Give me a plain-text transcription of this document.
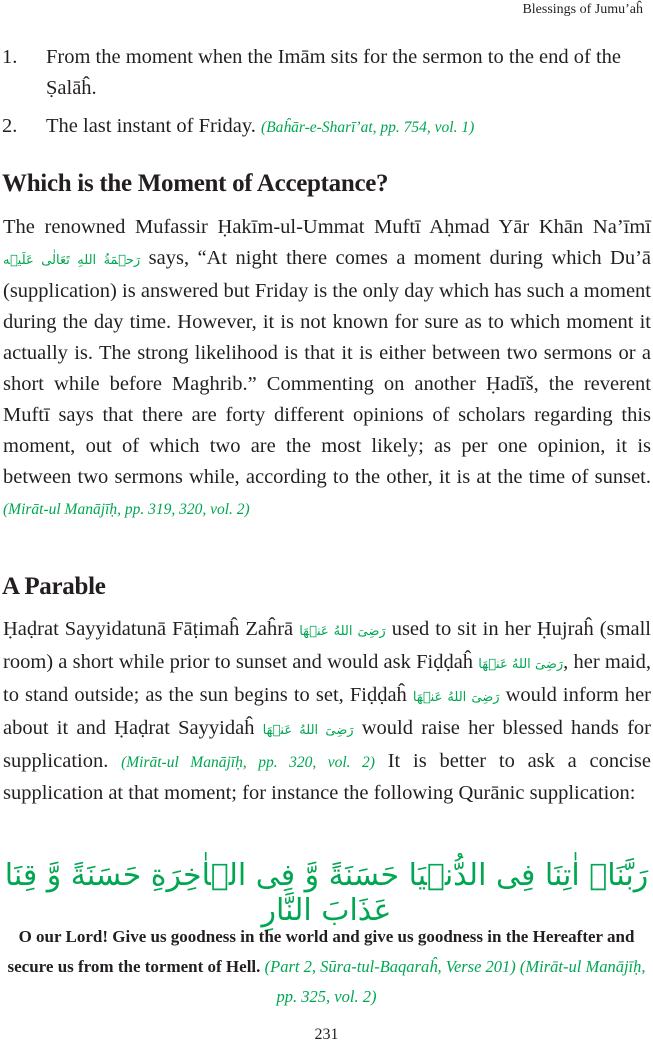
Blessings of Jumu’aĥ
1. From the moment when the Imām sits for the sermon to the end of the Ṣalāĥ.
2. The last instant of Friday. (Baĥār-e-Sharī’at, pp. 754, vol. 1)
Which is the Moment of Acceptance?

The renowned Mufassir Ḥakīm-ul-Ummat Muftī Aḥmad Yār Khān Na’īmī رَحۡمَةُ اللهِ تَعَالٰی عَلَيۡه says, “At night there comes a moment during which Du’ā (supplication) is answered but Friday is the only day which has such a moment during the day time. However, it is not known for sure as to which moment it actually is. The strong likelihood is that it is either between two sermons or a short while before Maghrib.” Commenting on another Ḥadīš, the reverent Muftī says that there are forty different opinions of scholars regarding this moment, out of which two are the most likely; as per one opinion, it is between two sermons while, according to the other, it is at the time of sunset. (Mirāt-ul Manājīḥ, pp. 319, 320, vol. 2)

A Parable

Ḥaḍrat Sayyidatunā Fāṭimaĥ Zaĥrā رَضِیَ اللهُ عَنۡهَا used to sit in her Ḥujraĥ (small room) a short while prior to sunset and would ask Fiḍḍaĥ رَضِیَ اللهُ عَنۡهَا, her maid, to stand outside; as the sun begins to set, Fiḍḍaĥ رَضِیَ اللهُ عَنۡهَا would inform her about it and Ḥaḍrat Sayyidaĥ رَضِیَ اللهُ عَنۡهَا would raise her blessed hands for supplication. (Mirāt-ul Manājīḥ, pp. 320, vol. 2) It is better to ask a concise supplication at that moment; for instance the following Qurānic supplication:

رَبَّنَاۤ اٰتِنَا فِی الدُّنۡیَا حَسَنَةً وَّ فِی الۡاٰخِرَةِ حَسَنَةً وَّ قِنَا عَذَابَ النَّارِ
O our Lord! Give us goodness in the world and give us goodness in the Hereafter and secure us from the torment of Hell. (Part 2, Sūra-tul-Baqaraĥ, Verse 201) (Mirāt-ul Manājīḥ, pp. 325, vol. 2)
231
